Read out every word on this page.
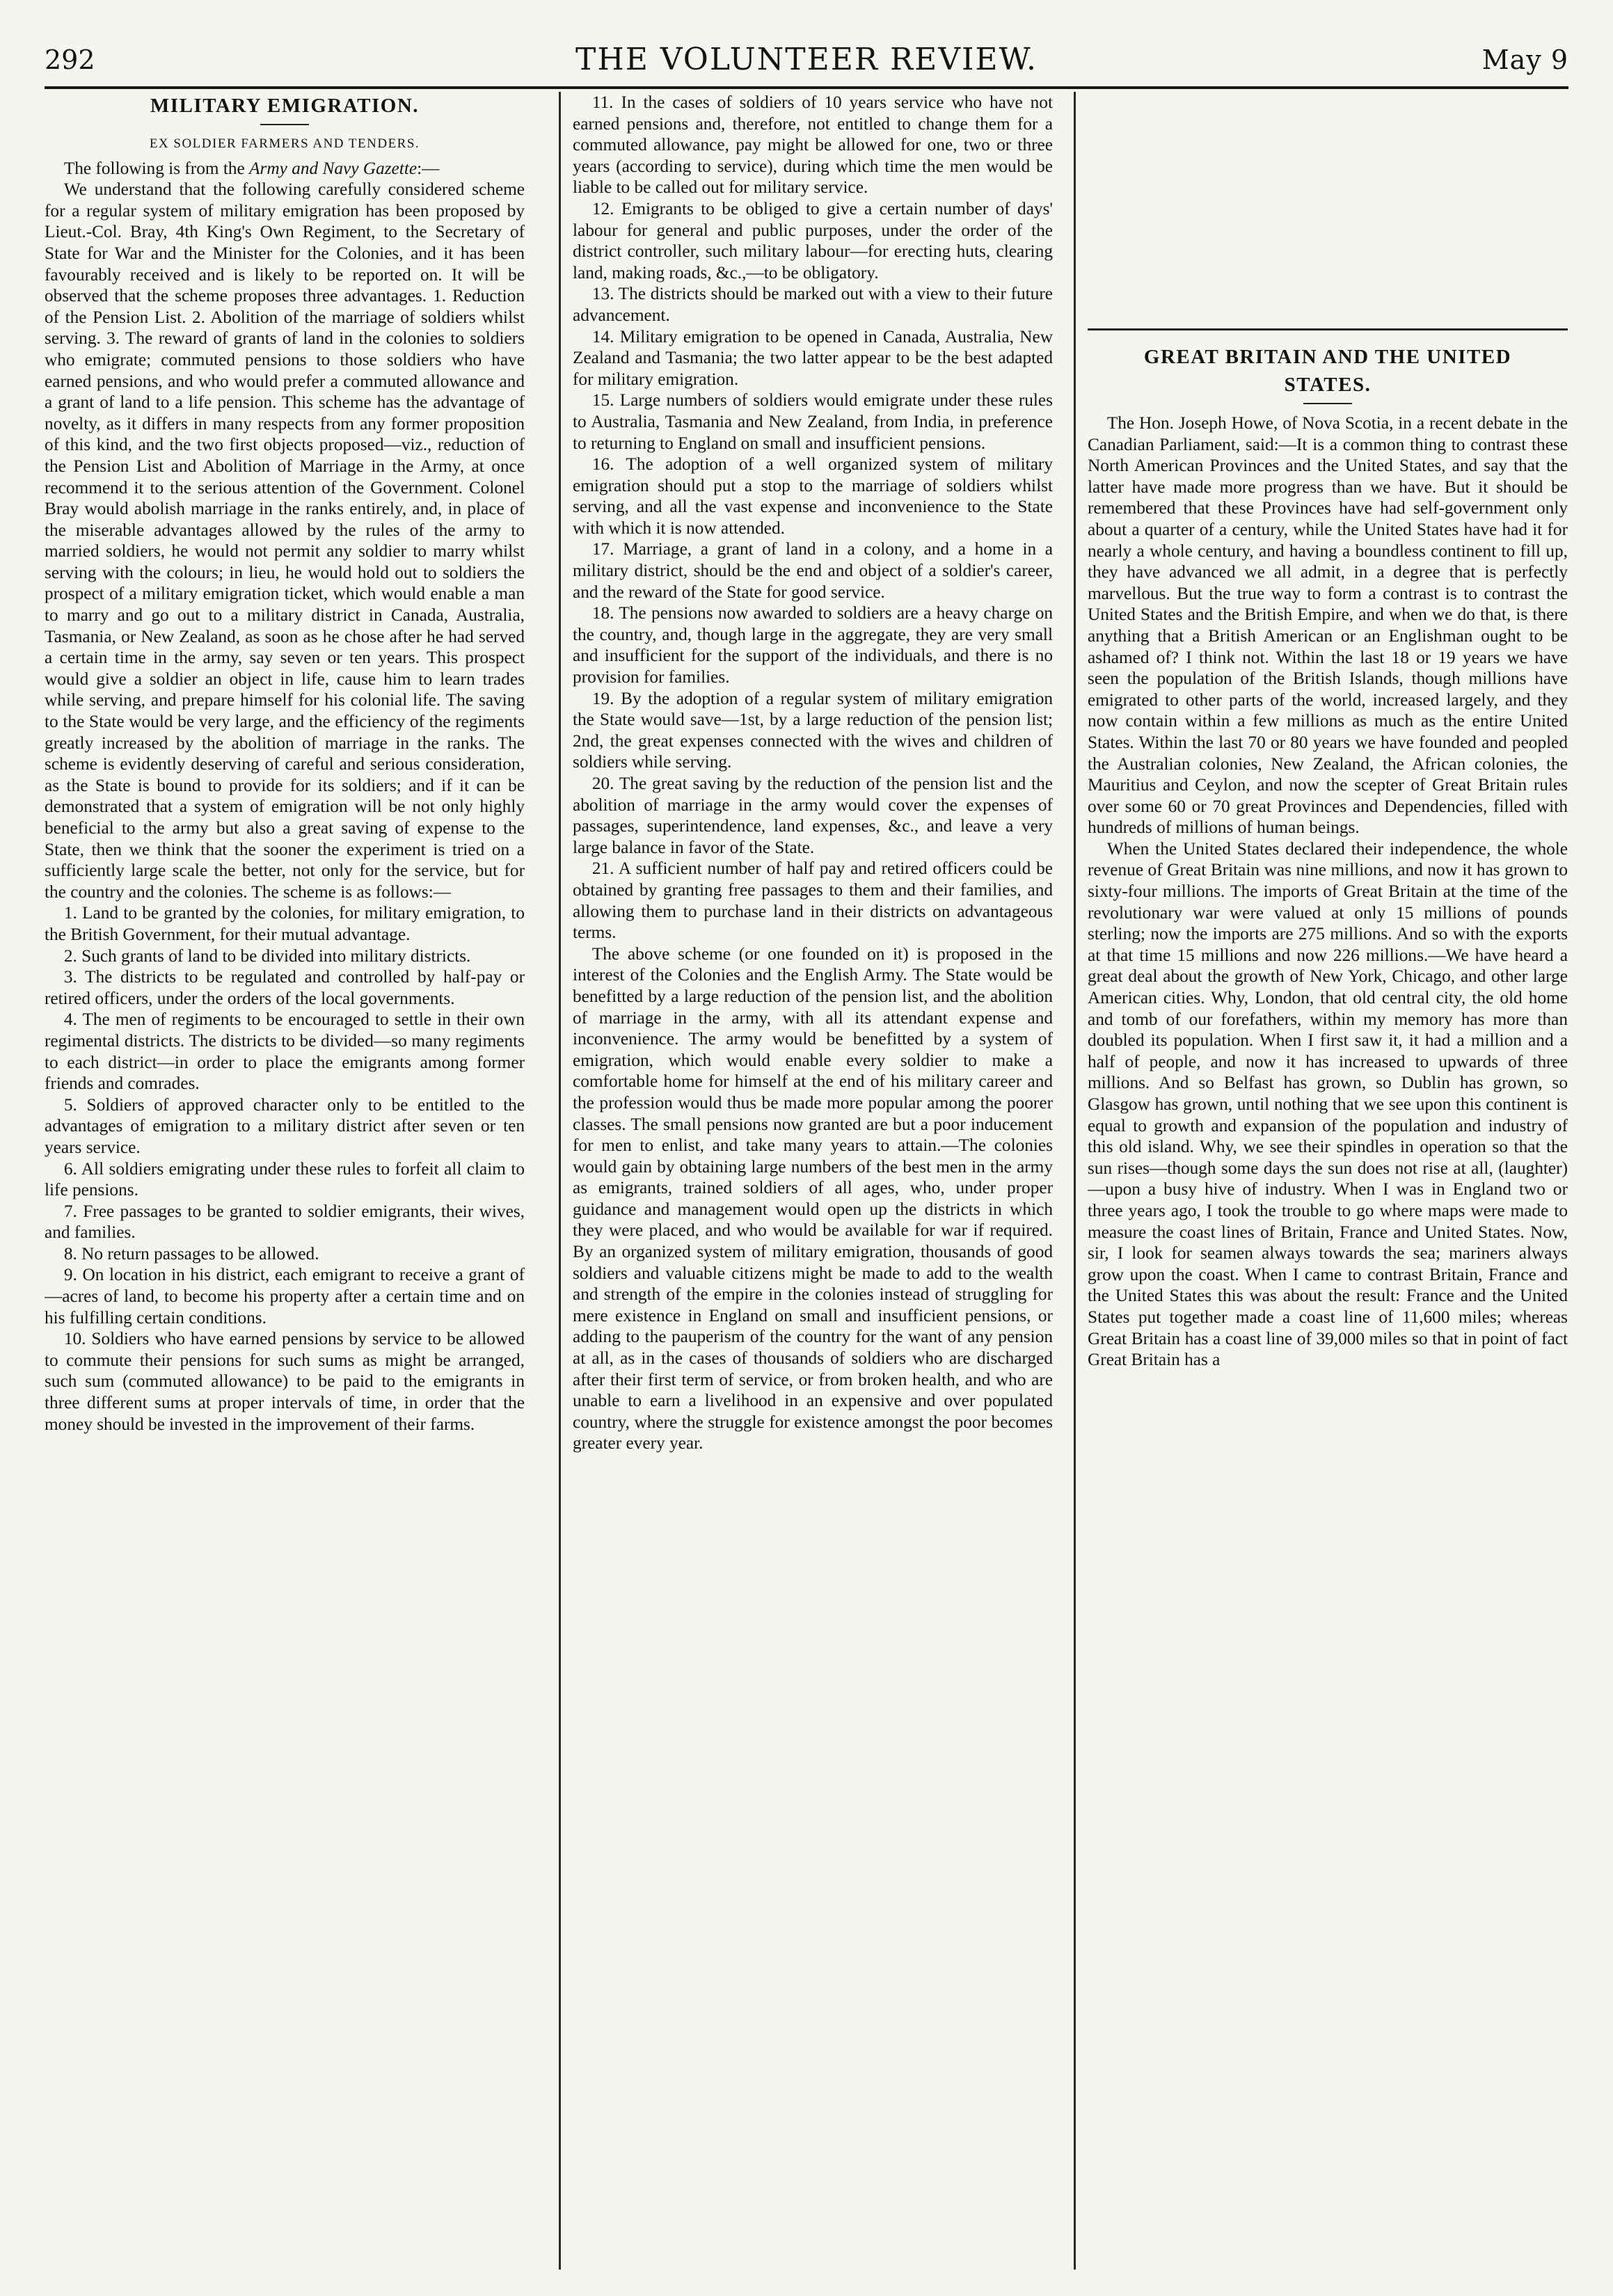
292	THE VOLUNTEER REVIEW.	May 9
MILITARY EMIGRATION.
EX SOLDIER FARMERS AND TENDERS.

The following is from the Army and Navy Gazette:—

We understand that the following carefully considered scheme for a regular system of military emigration has been proposed by Lieut.-Col. Bray, 4th King's Own Regiment, to the Secretary of State for War and the Minister for the Colonies, and it has been favourably received and is likely to be reported on. It will be observed that the scheme proposes three advantages. 1. Reduction of the Pension List. 2. Abolition of the marriage of soldiers whilst serving. 3. The reward of grants of land in the colonies to soldiers who emigrate; commuted pensions to those soldiers who have earned pensions, and who would prefer a commuted allowance and a grant of land to a life pension. This scheme has the advantage of novelty, as it differs in many respects from any former proposition of this kind, and the two first objects proposed—viz., reduction of the Pension List and Abolition of Marriage in the Army, at once recommend it to the serious attention of the Government. Colonel Bray would abolish marriage in the ranks entirely, and, in place of the miserable advantages allowed by the rules of the army to married soldiers, he would not permit any soldier to marry whilst serving with the colours; in lieu, he would hold out to soldiers the prospect of a military emigration ticket, which would enable a man to marry and go out to a military district in Canada, Australia, Tasmania, or New Zealand, as soon as he chose after he had served a certain time in the army, say seven or ten years. This prospect would give a soldier an object in life, cause him to learn trades while serving, and prepare himself for his colonial life. The saving to the State would be very large, and the efficiency of the regiments greatly increased by the abolition of marriage in the ranks. The scheme is evidently deserving of careful and serious consideration, as the State is bound to provide for its soldiers; and if it can be demonstrated that a system of emigration will be not only highly beneficial to the army but also a great saving of expense to the State, then we think that the sooner the experiment is tried on a sufficiently large scale the better, not only for the service, but for the country and the colonies. The scheme is as follows:—

1. Land to be granted by the colonies, for military emigration, to the British Government, for their mutual advantage.

2. Such grants of land to be divided into military districts.

3. The districts to be regulated and controlled by half-pay or retired officers, under the orders of the local governments.

4. The men of regiments to be encouraged to settle in their own regimental districts. The districts to be divided—so many regiments to each district—in order to place the emigrants among former friends and comrades.

5. Soldiers of approved character only to be entitled to the advantages of emigration to a military district after seven or ten years service.

6. All soldiers emigrating under these rules to forfeit all claim to life pensions.

7. Free passages to be granted to soldier emigrants, their wives, and families.

8. No return passages to be allowed.

9. On location in his district, each emigrant to receive a grant of—acres of land, to become his property after a certain time and on his fulfilling certain conditions.

10. Soldiers who have earned pensions by service to be allowed to commute their pensions for such sums as might be arranged, such sum (commuted allowance) to be paid to the emigrants in three different sums at proper intervals of time, in order that the money should be invested in the improvement of their farms.

11. In the cases of soldiers of 10 years service who have not earned pensions and, therefore, not entitled to change them for a commuted allowance, pay might be allowed for one, two or three years (according to service), during which time the men would be liable to be called out for military service.

12. Emigrants to be obliged to give a certain number of days' labour for general and public purposes, under the order of the district controller, such military labour—for erecting huts, clearing land, making roads, &c.,—to be obligatory.

13. The districts should be marked out with a view to their future advancement.

14. Military emigration to be opened in Canada, Australia, New Zealand and Tasmania; the two latter appear to be the best adapted for military emigration.

15. Large numbers of soldiers would emigrate under these rules to Australia, Tasmania and New Zealand, from India, in preference to returning to England on small and insufficient pensions.

16. The adoption of a well organized system of military emigration should put a stop to the marriage of soldiers whilst serving, and all the vast expense and inconvenience to the State with which it is now attended.

17. Marriage, a grant of land in a colony, and a home in a military district, should be the end and object of a soldier's career, and the reward of the State for good service.

18. The pensions now awarded to soldiers are a heavy charge on the country, and, though large in the aggregate, they are very small and insufficient for the support of the individuals, and there is no provision for families.

19. By the adoption of a regular system of military emigration the State would save—1st, by a large reduction of the pension list; 2nd, the great expenses connected with the wives and children of soldiers while serving.

20. The great saving by the reduction of the pension list and the abolition of marriage in the army would cover the expenses of passages, superintendence, land expenses, &c., and leave a very large balance in favor of the State.

21. A sufficient number of half pay and retired officers could be obtained by granting free passages to them and their families, and allowing them to purchase land in their districts on advantageous terms.

The above scheme (or one founded on it) is proposed in the interest of the Colonies and the English Army. The State would be benefitted by a large reduction of the pension list, and the abolition of marriage in the army, with all its attendant expense and inconvenience. The army would be benefitted by a system of emigration, which would enable every soldier to make a comfortable home for himself at the end of his military career and the profession would thus be made more popular among the poorer classes. The small pensions now granted are but a poor inducement for men to enlist, and take many years to attain.—The colonies would gain by obtaining large numbers of the best men in the army as emigrants, trained soldiers of all ages, who, under proper guidance and management would open up the districts in which they were placed, and who would be available for war if required. By an organized system of military emigration, thousands of good soldiers and valuable citizens might be made to add to the wealth and strength of the empire in the colonies instead of struggling for mere existence in England on small and insufficient pensions, or adding to the pauperism of the country for the want of any pension at all, as in the cases of thousands of soldiers who are discharged after their first term of service, or from broken health, and who are unable to earn a livelihood in an expensive and over populated country, where the struggle for existence amongst the poor becomes greater every year.

GREAT BRITAIN AND THE UNITED
STATES.

The Hon. Joseph Howe, of Nova Scotia, in a recent debate in the Canadian Parliament, said:—It is a common thing to contrast these North American Provinces and the United States, and say that the latter have made more progress than we have. But it should be remembered that these Provinces have had self-government only about a quarter of a century, while the United States have had it for nearly a whole century, and having a boundless continent to fill up, they have advanced we all admit, in a degree that is perfectly marvellous. But the true way to form a contrast is to contrast the United States and the British Empire, and when we do that, is there anything that a British American or an Englishman ought to be ashamed of? I think not. Within the last 18 or 19 years we have seen the population of the British Islands, though millions have emigrated to other parts of the world, increased largely, and they now contain within a few millions as much as the entire United States. Within the last 70 or 80 years we have founded and peopled the Australian colonies, New Zealand, the African colonies, the Mauritius and Ceylon, and now the scepter of Great Britain rules over some 60 or 70 great Provinces and Dependencies, filled with hundreds of millions of human beings.

When the United States declared their independence, the whole revenue of Great Britain was nine millions, and now it has grown to sixty-four millions. The imports of Great Britain at the time of the revolutionary war were valued at only 15 millions of pounds sterling; now the imports are 275 millions. And so with the exports at that time 15 millions and now 226 millions.—We have heard a great deal about the growth of New York, Chicago, and other large American cities. Why, London, that old central city, the old home and tomb of our forefathers, within my memory has more than doubled its population. When I first saw it, it had a million and a half of people, and now it has increased to upwards of three millions. And so Belfast has grown, so Dublin has grown, so Glasgow has grown, until nothing that we see upon this continent is equal to growth and expansion of the population and industry of this old island. Why, we see their spindles in operation so that the sun rises—though some days the sun does not rise at all, (laughter)—upon a busy hive of industry. When I was in England two or three years ago, I took the trouble to go where maps were made to measure the coast lines of Britain, France and United States. Now, sir, I look for seamen always towards the sea; mariners always grow upon the coast. When I came to contrast Britain, France and the United States this was about the result: France and the United States put together made a coast line of 11,600 miles; whereas Great Britain has a coast line of 39,000 miles so that in point of fact Great Britain has a
